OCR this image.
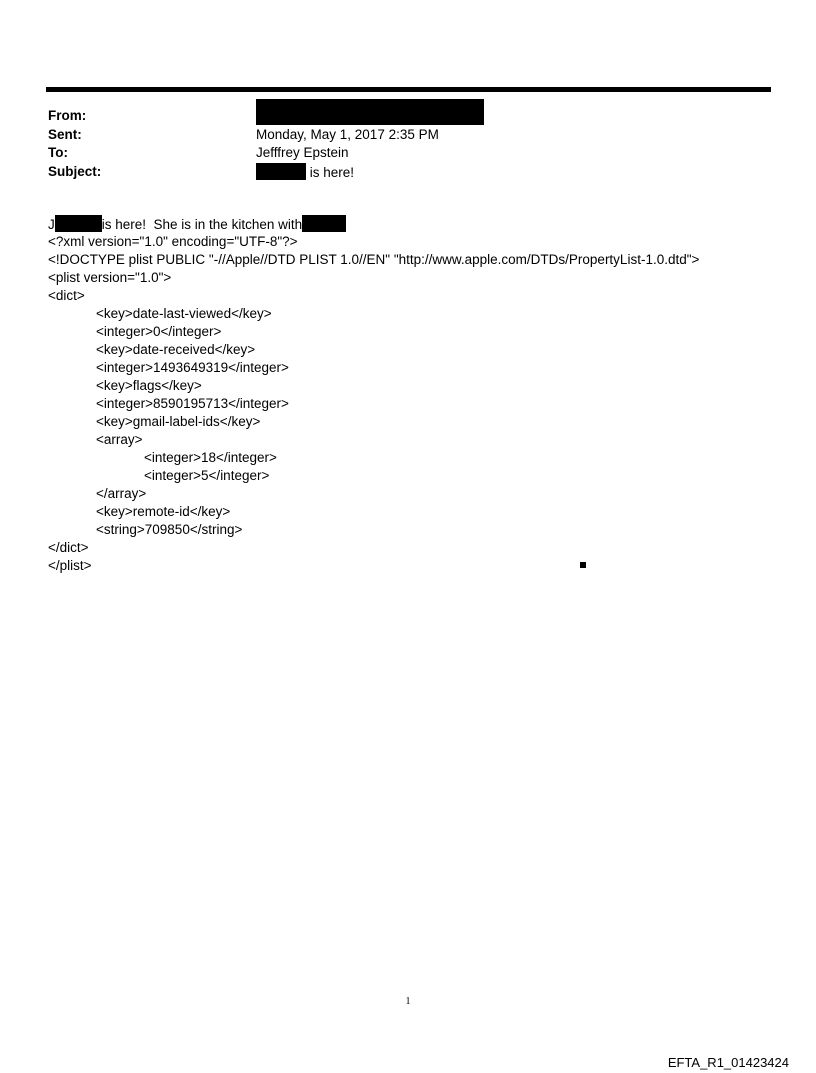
From:
Sent:	Monday, May 1, 2017 2:35 PM
To:	Jefffrey Epstein
Subject:	is here!
J	is here!  She is in the kitchen with
<?xml version="1.0" encoding="UTF-8"?>
<!DOCTYPE plist PUBLIC "-//Apple//DTD PLIST 1.0//EN" "http://www.apple.com/DTDs/PropertyList-1.0.dtd">
<plist version="1.0">
<dict>
<key>date-last-viewed</key>
<integer>0</integer>
<key>date-received</key>
<integer>1493649319</integer>
<key>flags</key>
<integer>8590195713</integer>
<key>gmail-label-ids</key>
<array>
<integer>18</integer>
<integer>5</integer>
</array>
<key>remote-id</key>
<string>709850</string>
</dict>
</plist>
1
EFTA_R1_01423424
